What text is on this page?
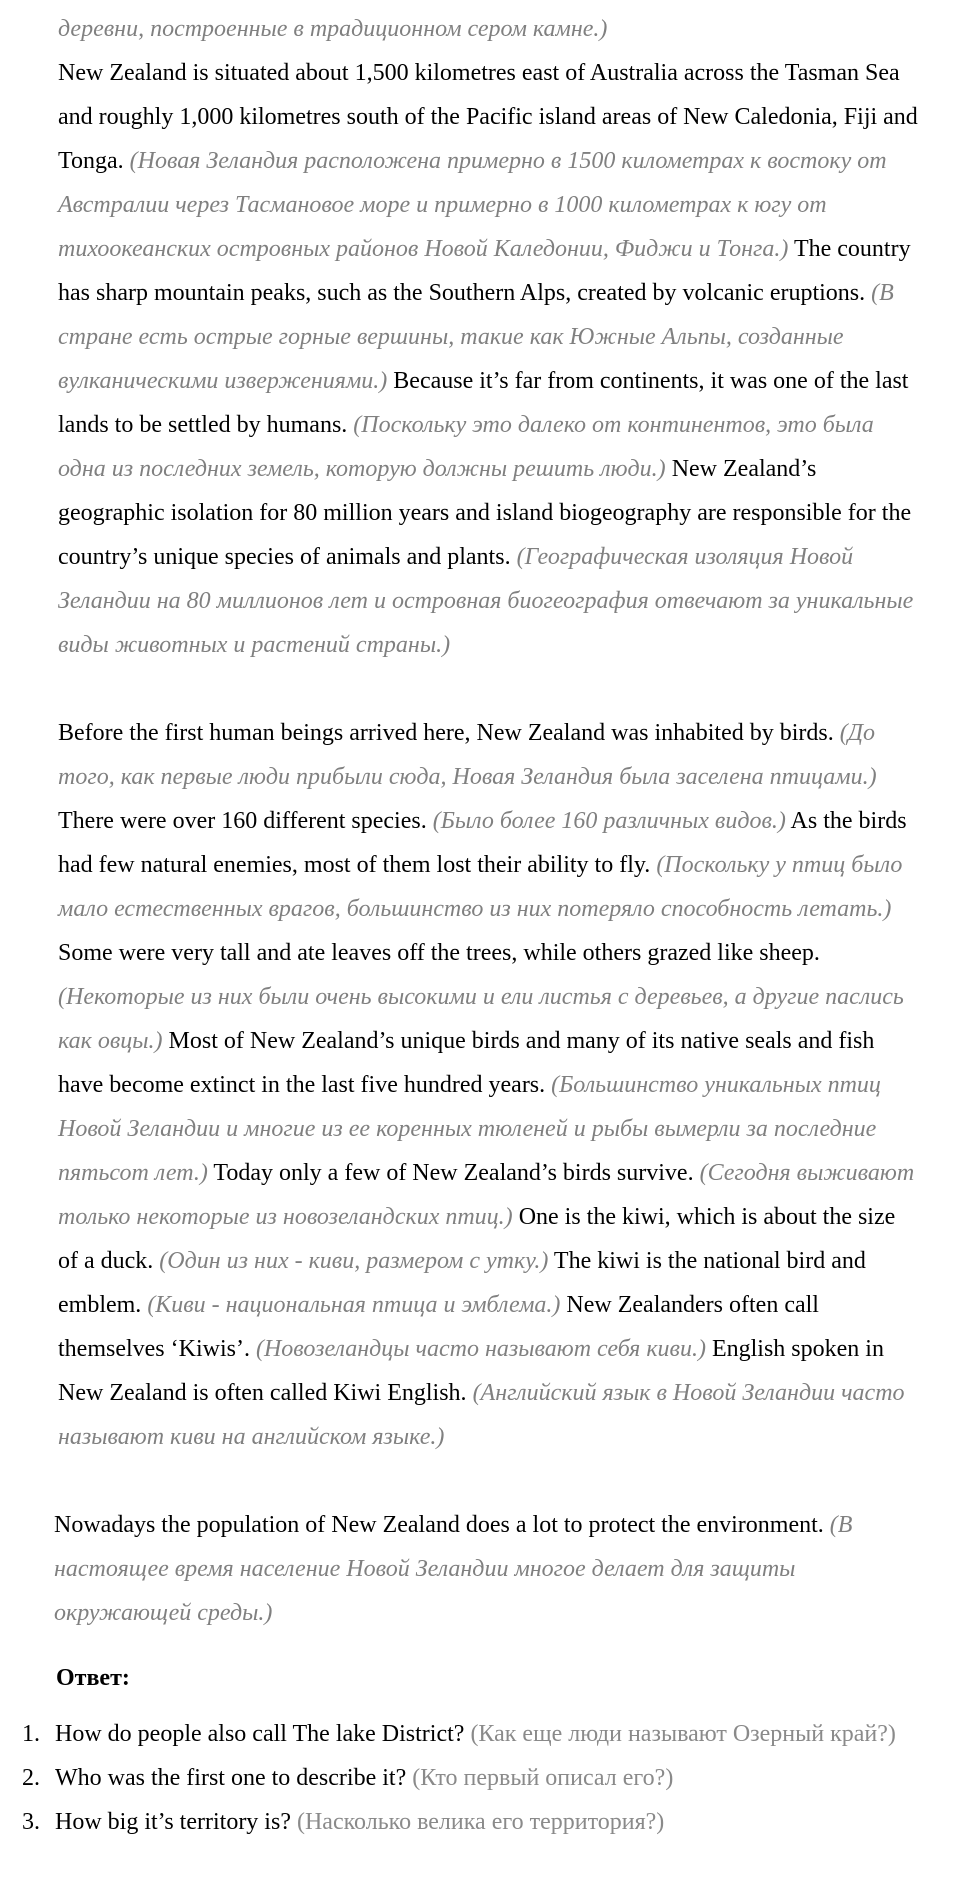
деревни, построенные в традиционном сером камне.)

New Zealand is situated about 1,500 kilometres east of Australia across the Tasman Sea and roughly 1,000 kilometres south of the Pacific island areas of New Caledonia, Fiji and Tonga. (Новая Зеландия расположена примерно в 1500 километрах к востоку от Австралии через Тасмановое море и примерно в 1000 километрах к югу от тихоокеанских островных районов Новой Каледонии, Фиджи и Тонга.) The country has sharp mountain peaks, such as the Southern Alps, created by volcanic eruptions. (В стране есть острые горные вершины, такие как Южные Альпы, созданные вулканическими извержениями.) Because it’s far from continents, it was one of the last lands to be settled by humans. (Поскольку это далеко от континентов, это была одна из последних земель, которую должны решить люди.) New Zealand’s geographic isolation for 80 million years and island biogeography are responsible for the country’s unique species of animals and plants. (Географическая изоляция Новой Зеландии на 80 миллионов лет и островная биогеография отвечают за уникальные виды животных и растений страны.)

Before the first human beings arrived here, New Zealand was inhabited by birds. (До того, как первые люди прибыли сюда, Новая Зеландия была заселена птицами.) There were over 160 different species. (Было более 160 различных видов.) As the birds had few natural enemies, most of them lost their ability to fly. (Поскольку у птиц было мало естественных врагов, большинство из них потеряло способность летать.) Some were very tall and ate leaves off the trees, while others grazed like sheep. (Некоторые из них были очень высокими и ели листья с деревьев, а другие паслись как овцы.) Most of New Zealand’s unique birds and many of its native seals and fish have become extinct in the last five hundred years. (Большинство уникальных птиц Новой Зеландии и многие из ее коренных тюленей и рыбы вымерли за последние пятьсот лет.) Today only a few of New Zealand’s birds survive. (Сегодня выживают только некоторые из новозеландских птиц.) One is the kiwi, which is about the size of a duck. (Один из них - киви, размером с утку.) The kiwi is the national bird and emblem. (Киви - национальная птица и эмблема.) New Zealanders often call themselves ‘Kiwis’. (Новозеландцы часто называют себя киви.) English spoken in New Zealand is often called Kiwi English. (Английский язык в Новой Зеландии часто называют киви на английском языке.)

Nowadays the population of New Zealand does a lot to protect the environment. (В настоящее время население Новой Зеландии многое делает для защиты окружающей среды.)

Ответ:
1. How do people also call The lake District? (Как еще люди называют Озерный край?)
2. Who was the first one to describe it? (Кто первый описал его?)
3. How big it’s territory is? (Насколько велика его территория?)
